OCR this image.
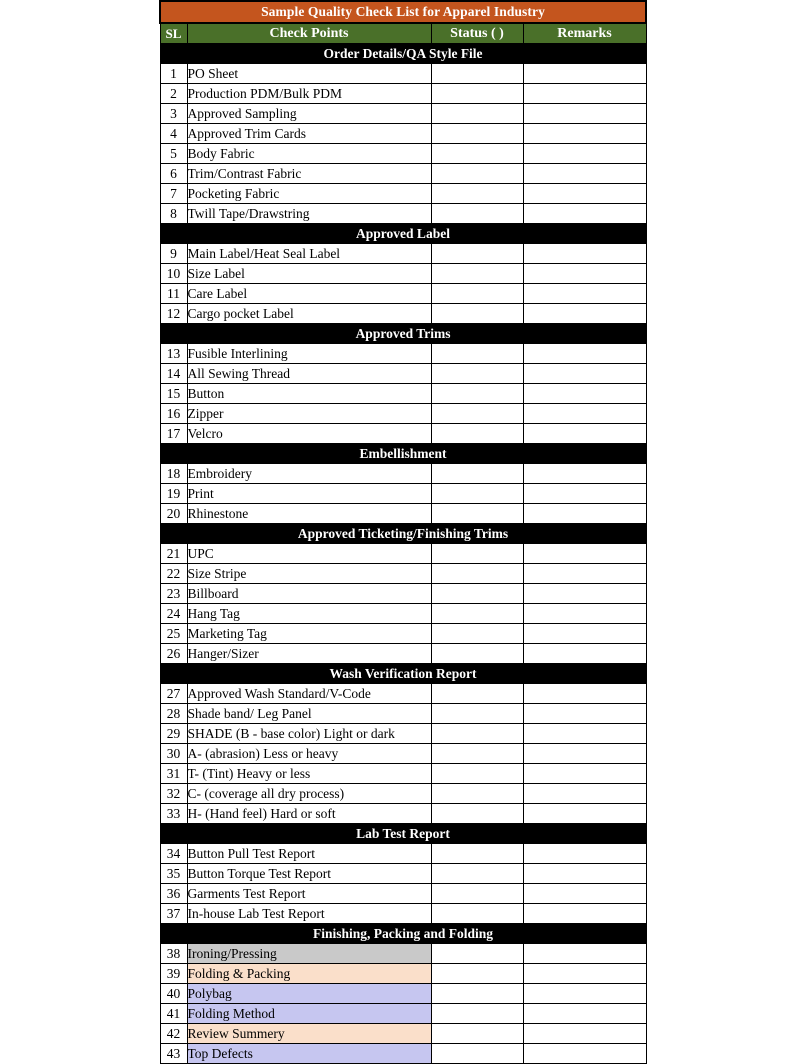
Sample Quality Check List for Apparel Industry			
SL	Check Points	Status ( )	Remarks
Order Details/QA Style File			
1	PO Sheet		
2	Production PDM/Bulk PDM		
3	Approved Sampling		
4	Approved Trim Cards		
5	Body Fabric		
6	Trim/Contrast Fabric		
7	Pocketing Fabric		
8	Twill Tape/Drawstring		
Approved Label			
9	Main Label/Heat Seal Label		
10	Size Label		
11	Care Label		
12	Cargo pocket Label		
Approved Trims			
13	Fusible Interlining		
14	All Sewing Thread		
15	Button		
16	Zipper		
17	Velcro		
Embellishment			
18	Embroidery		
19	Print		
20	Rhinestone		
Approved Ticketing/Finishing Trims			
21	UPC		
22	Size Stripe		
23	Billboard		
24	Hang Tag		
25	Marketing Tag		
26	Hanger/Sizer		
Wash Verification Report			
27	Approved Wash Standard/V-Code		
28	Shade band/ Leg Panel		
29	SHADE (B - base color) Light or dark		
30	A- (abrasion) Less or heavy		
31	T- (Tint) Heavy or less		
32	C- (coverage all dry process)		
33	H- (Hand feel) Hard or soft		
Lab Test Report			
34	Button Pull Test Report		
35	Button Torque Test Report		
36	Garments Test Report		
37	In-house Lab Test Report		
Finishing, Packing and Folding			
38	Ironing/Pressing		
39	Folding & Packing		
40	Polybag		
41	Folding Method		
42	Review Summery		
43	Top Defects		
